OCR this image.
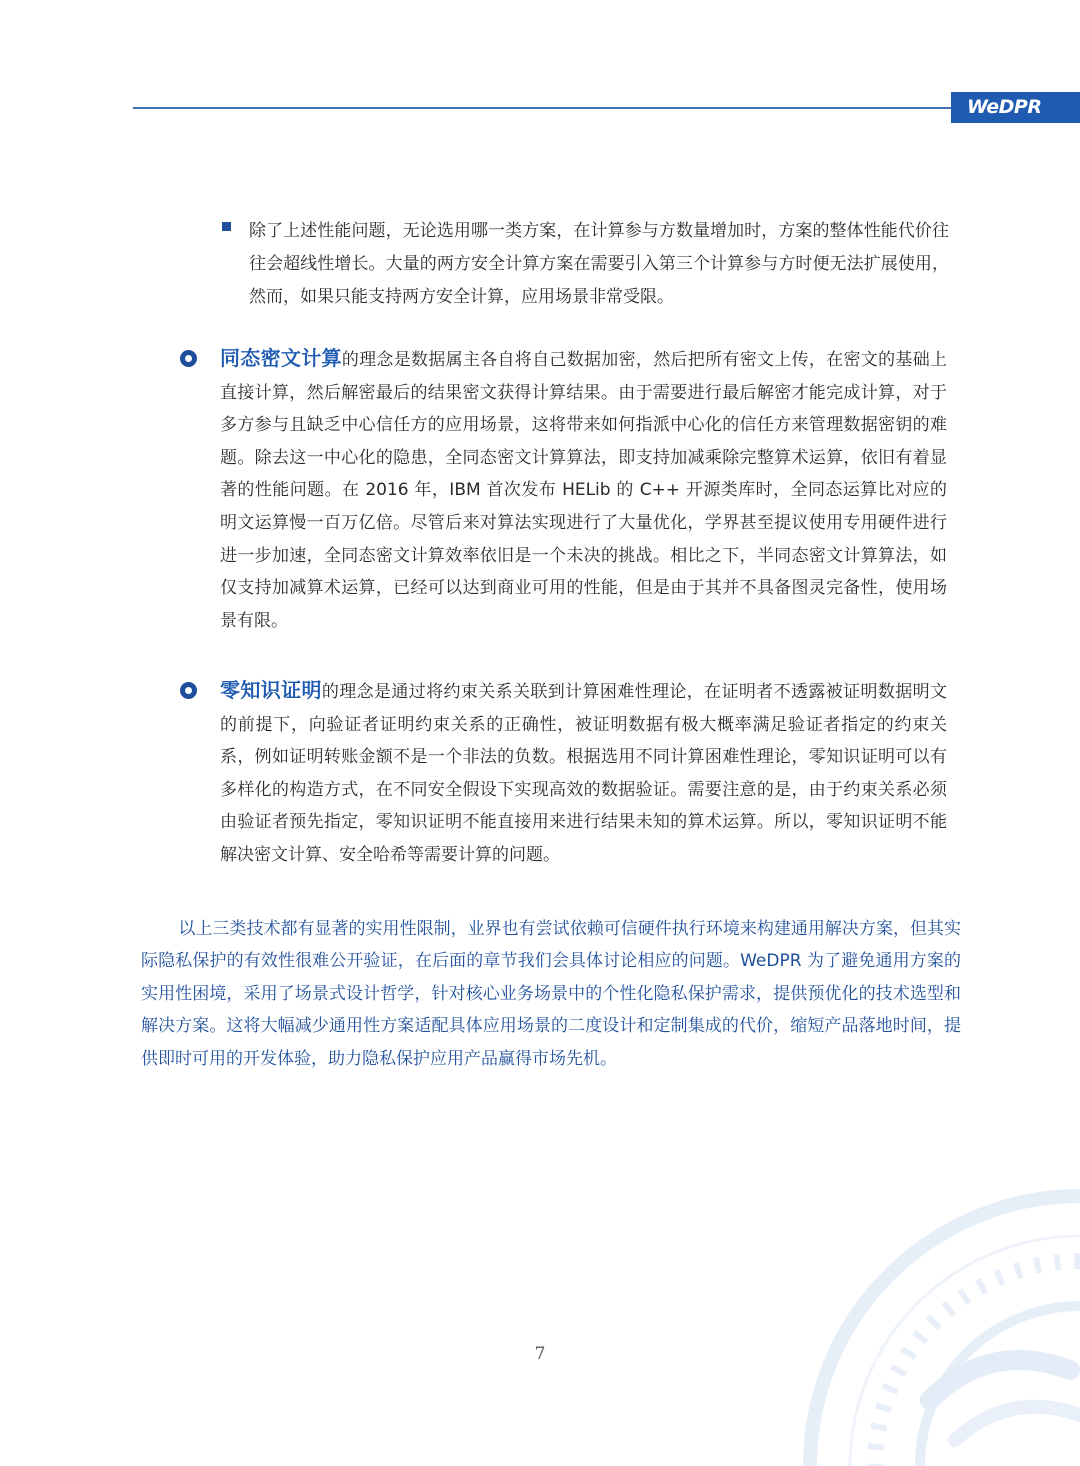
WeDPR

除了上述性能问题，无论选用哪一类方案，在计算参与方数量增加时，方案的整体性能代价往往会超线性增长。大量的两方安全计算方案在需要引入第三个计算参与方时便无法扩展使用，然而，如果只能支持两方安全计算，应用场景非常受限。

同态密文计算的理念是数据属主各自将自己数据加密，然后把所有密文上传，在密文的基础上直接计算，然后解密最后的结果密文获得计算结果。由于需要进行最后解密才能完成计算，对于多方参与且缺乏中心信任方的应用场景，这将带来如何指派中心化的信任方来管理数据密钥的难题。除去这一中心化的隐患，全同态密文计算算法，即支持加减乘除完整算术运算，依旧有着显著的性能问题。在 2016 年，IBM 首次发布 HELib 的 C++ 开源类库时，全同态运算比对应的明文运算慢一百万亿倍。尽管后来对算法实现进行了大量优化，学界甚至提议使用专用硬件进行进一步加速，全同态密文计算效率依旧是一个未决的挑战。相比之下，半同态密文计算算法，如仅支持加减算术运算，已经可以达到商业可用的性能，但是由于其并不具备图灵完备性，使用场景有限。

零知识证明的理念是通过将约束关系关联到计算困难性理论，在证明者不透露被证明数据明文的前提下，向验证者证明约束关系的正确性，被证明数据有极大概率满足验证者指定的约束关系，例如证明转账金额不是一个非法的负数。根据选用不同计算困难性理论，零知识证明可以有多样化的构造方式，在不同安全假设下实现高效的数据验证。需要注意的是，由于约束关系必须由验证者预先指定，零知识证明不能直接用来进行结果未知的算术运算。所以，零知识证明不能解决密文计算、安全哈希等需要计算的问题。

以上三类技术都有显著的实用性限制，业界也有尝试依赖可信硬件执行环境来构建通用解决方案，但其实际隐私保护的有效性很难公开验证，在后面的章节我们会具体讨论相应的问题。WeDPR 为了避免通用方案的实用性困境，采用了场景式设计哲学，针对核心业务场景中的个性化隐私保护需求，提供预优化的技术选型和解决方案。这将大幅减少通用性方案适配具体应用场景的二度设计和定制集成的代价，缩短产品落地时间，提供即时可用的开发体验，助力隐私保护应用产品赢得市场先机。

7
